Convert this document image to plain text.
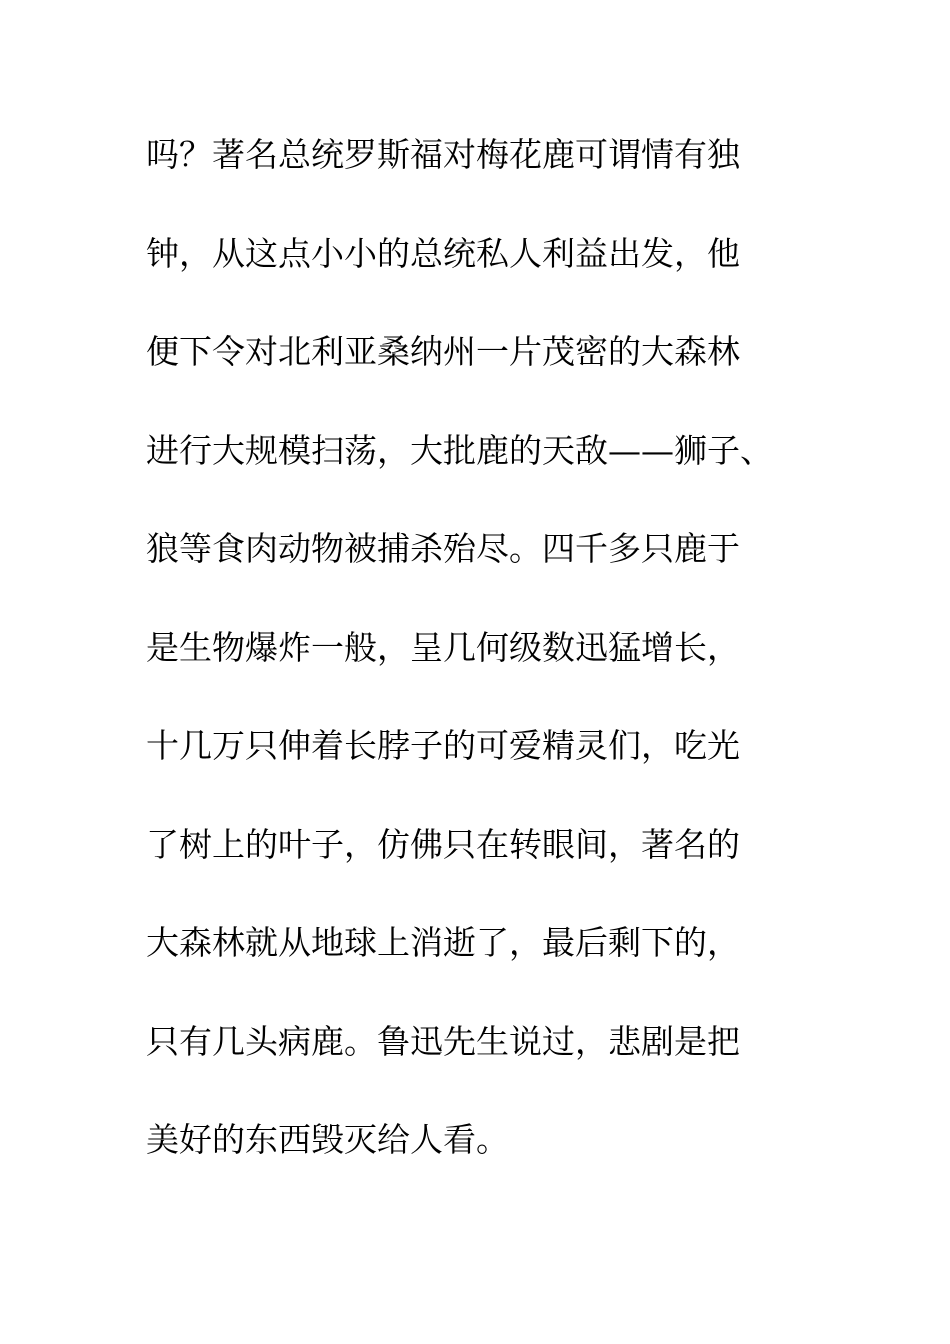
吗？著名总统罗斯福对梅花鹿可谓情有独
钟，从这点小小的总统私人利益出发，他
便下令对北利亚桑纳州一片茂密的大森林
进行大规模扫荡，大批鹿的天敌——狮子、
狼等食肉动物被捕杀殆尽。四千多只鹿于
是生物爆炸一般，呈几何级数迅猛增长，
十几万只伸着长脖子的可爱精灵们，吃光
了树上的叶子，仿佛只在转眼间，著名的
大森林就从地球上消逝了，最后剩下的，
只有几头病鹿。鲁迅先生说过，悲剧是把
美好的东西毁灭给人看。
